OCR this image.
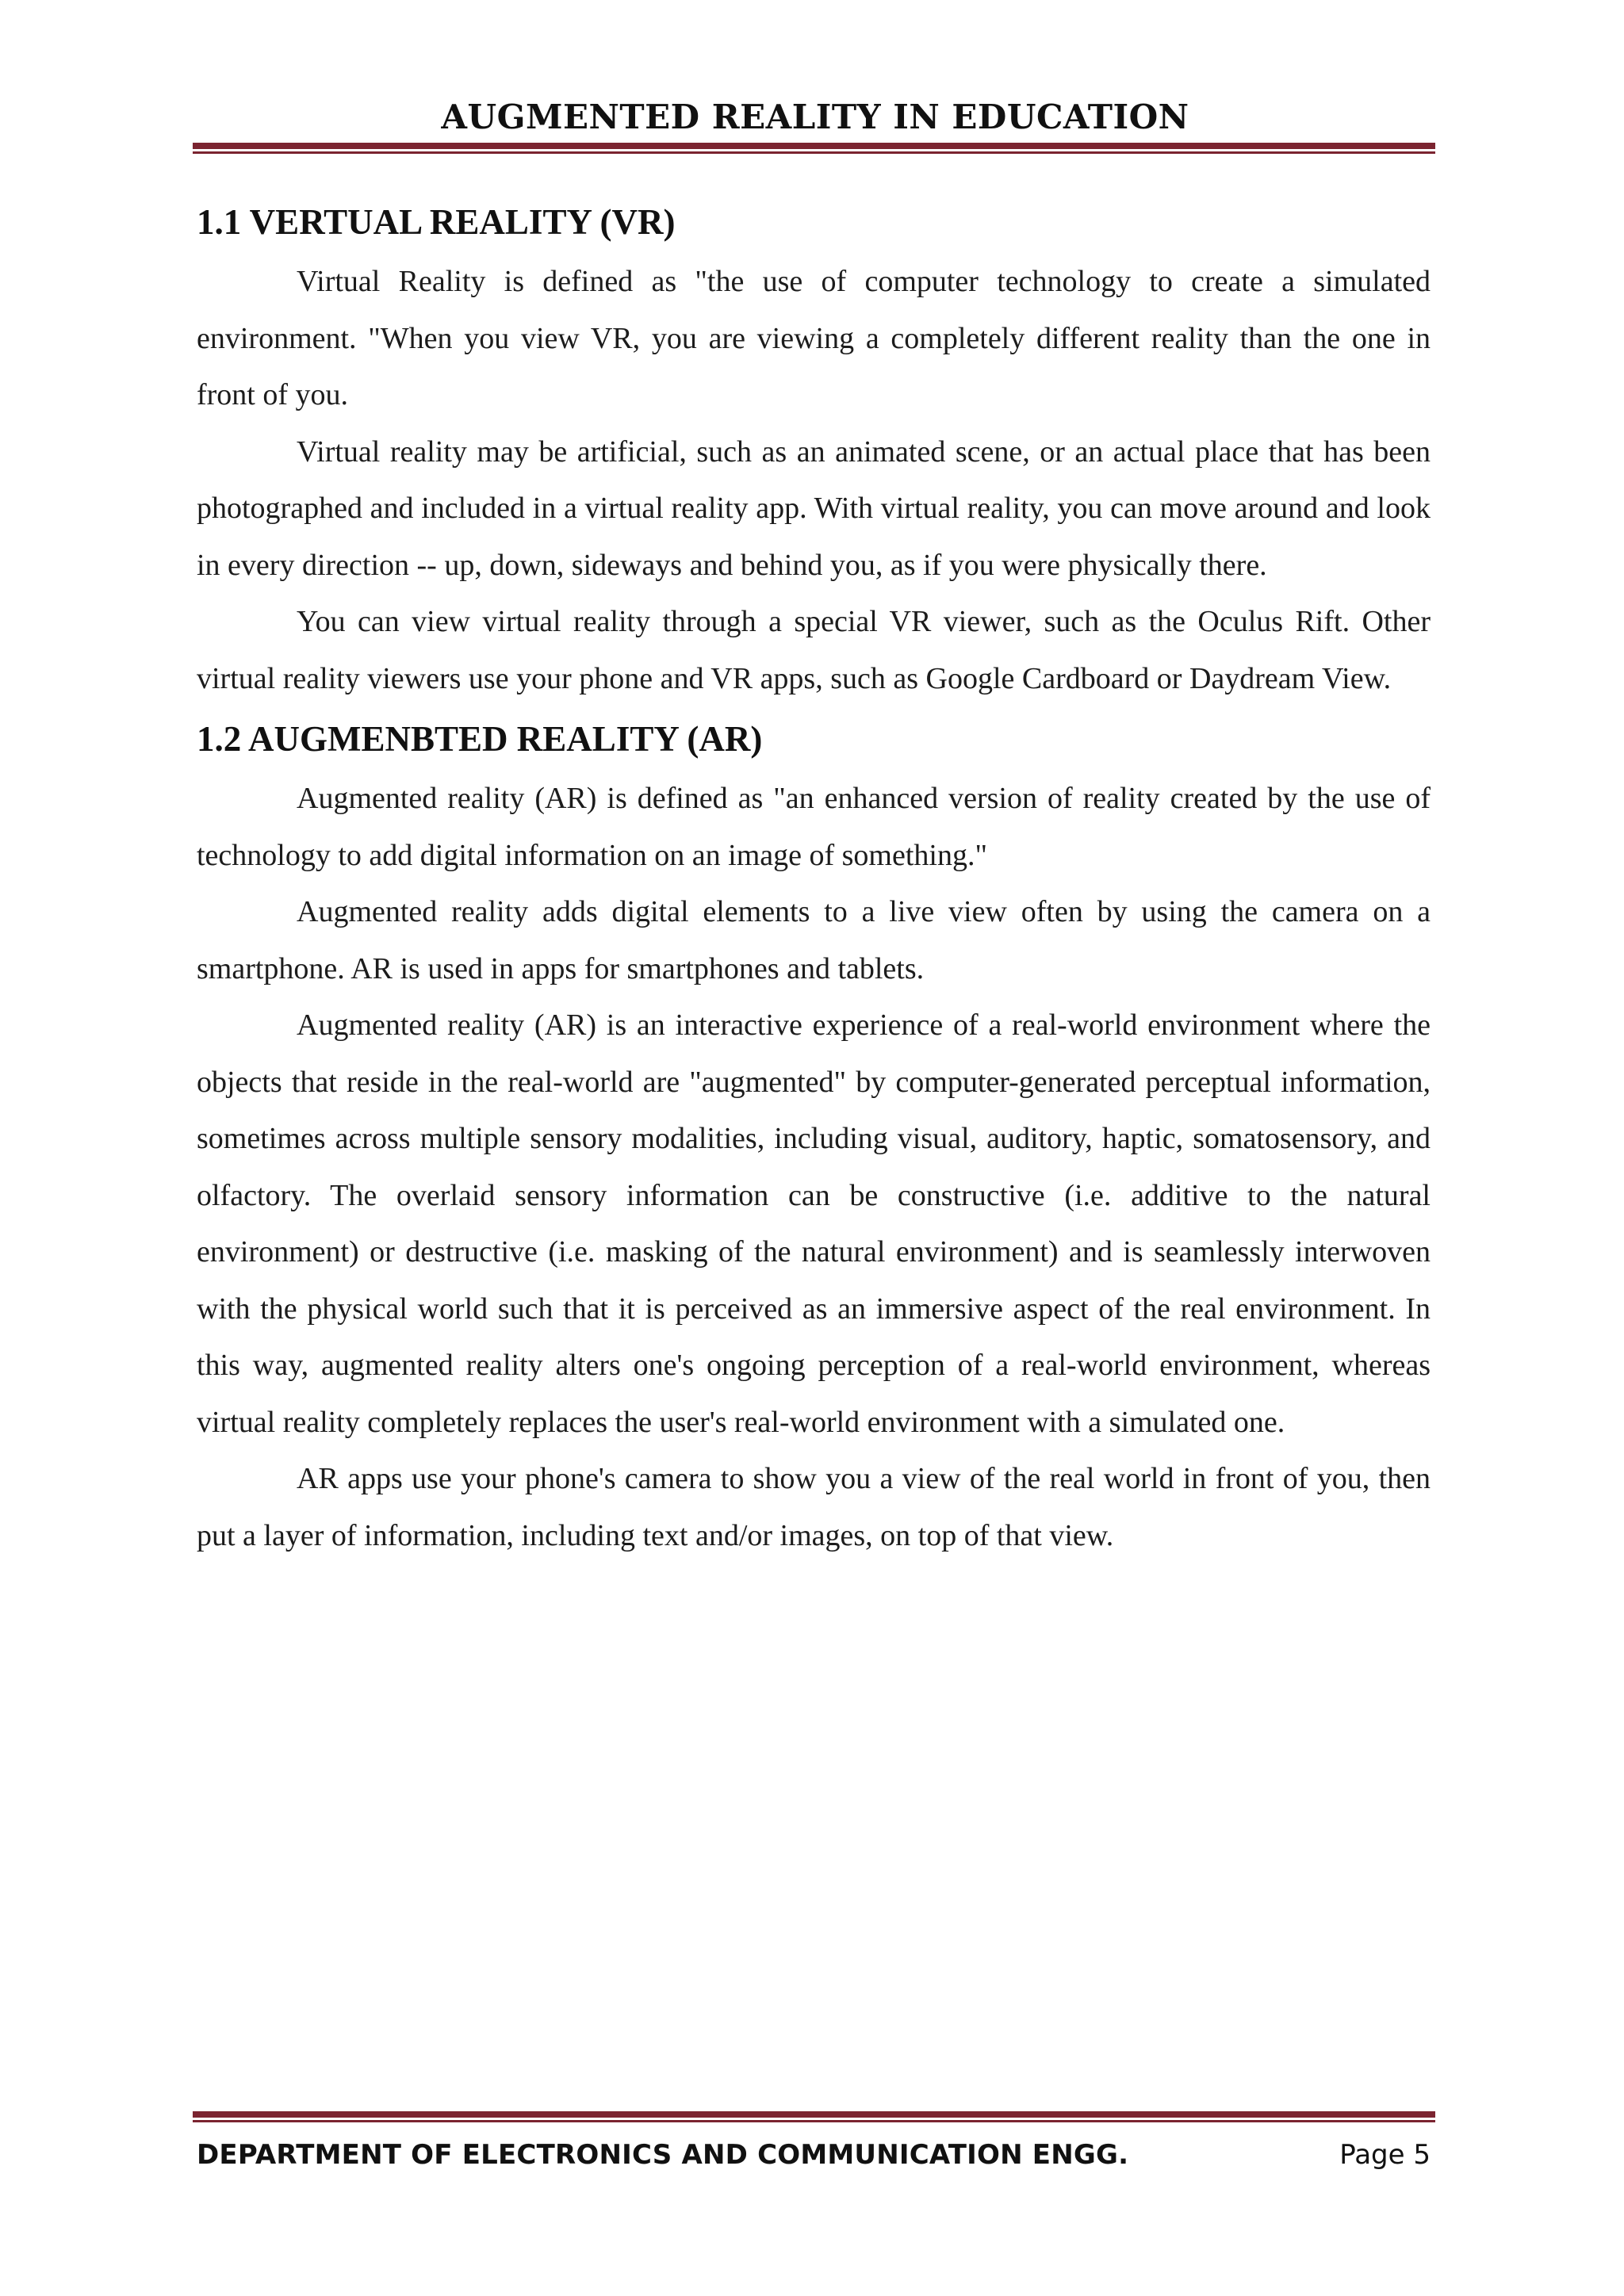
AUGMENTED REALITY IN EDUCATION
1.1 VERTUAL REALITY (VR)

Virtual Reality is defined as "the use of computer technology to create a simulated environment. "When you view VR, you are viewing a completely different reality than the one in front of you.

Virtual reality may be artificial, such as an animated scene, or an actual place that has been photographed and included in a virtual reality app. With virtual reality, you can move around and look in every direction -- up, down, sideways and behind you, as if you were physically there.

You can view virtual reality through a special VR viewer, such as the Oculus Rift. Other virtual reality viewers use your phone and VR apps, such as Google Cardboard or Daydream View.

1.2 AUGMENBTED REALITY (AR)

Augmented reality (AR) is defined as "an enhanced version of reality created by the use of technology to add digital information on an image of something."

Augmented reality adds digital elements to a live view often by using the camera on a smartphone. AR is used in apps for smartphones and tablets.

Augmented reality (AR) is an interactive experience of a real-world environment where the objects that reside in the real-world are "augmented" by computer-generated perceptual information, sometimes across multiple sensory modalities, including visual, auditory, haptic, somatosensory, and olfactory. The overlaid sensory information can be constructive (i.e. additive to the natural environment) or destructive (i.e. masking of the natural environment) and is seamlessly interwoven with the physical world such that it is perceived as an immersive aspect of the real environment. In this way, augmented reality alters one's ongoing perception of a real-world environment, whereas virtual reality completely replaces the user's real-world environment with a simulated one.

AR apps use your phone's camera to show you a view of the real world in front of you, then put a layer of information, including text and/or images, on top of that view.

DEPARTMENT OF ELECTRONICS AND COMMUNICATION ENGG.	Page 5
